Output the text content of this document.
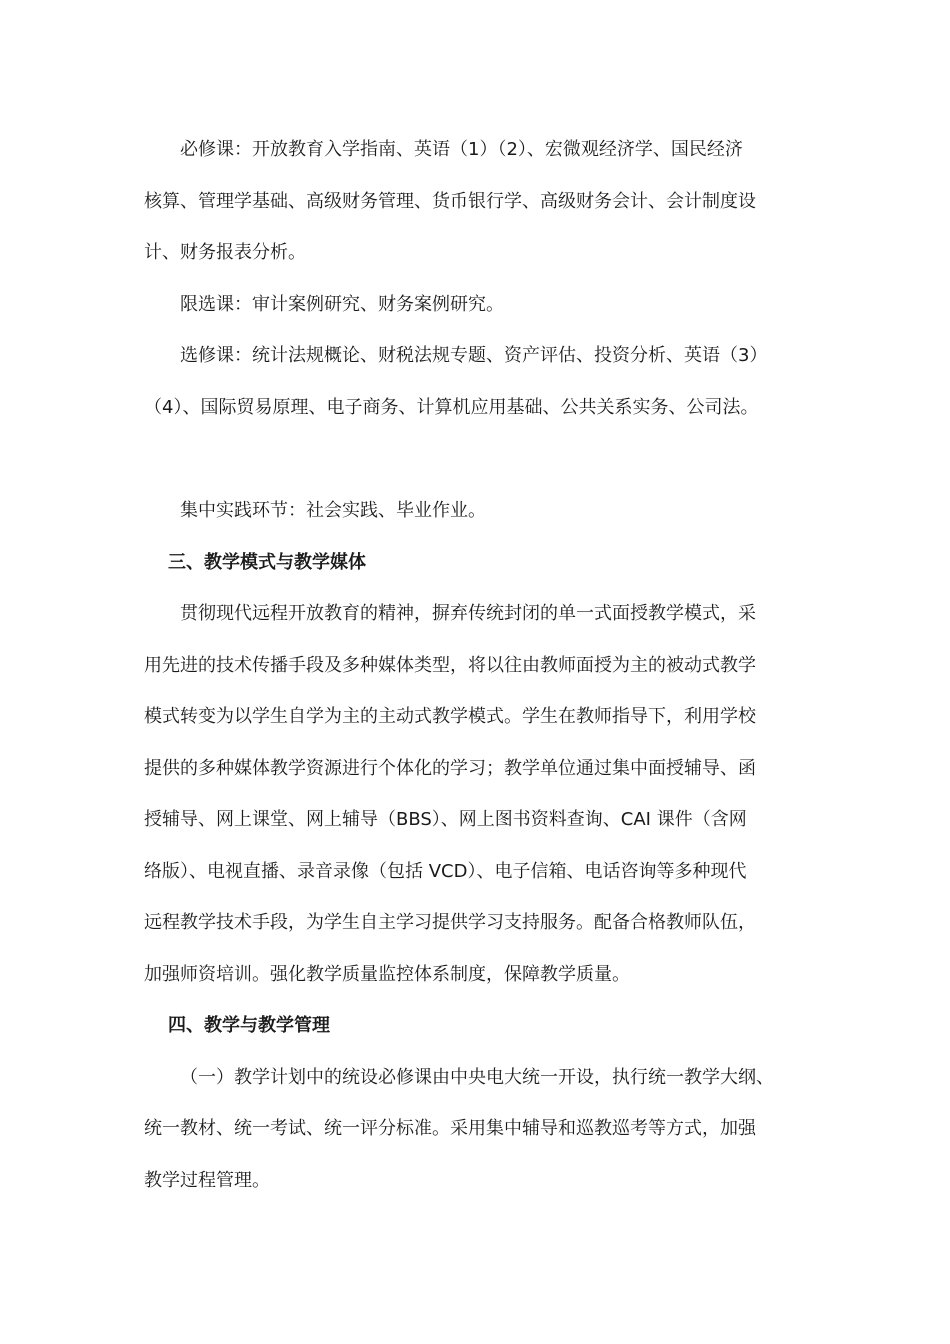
必修课：开放教育入学指南、英语（1）（2）、宏微观经济学、国民经济
核算、管理学基础、高级财务管理、货币银行学、高级财务会计、会计制度设
计、财务报表分析。

限选课：审计案例研究、财务案例研究。

选修课：统计法规概论、财税法规专题、资产评估、投资分析、英语（3）
（4）、国际贸易原理、电子商务、计算机应用基础、公共关系实务、公司法。

集中实践环节：社会实践、毕业作业。

三、教学模式与教学媒体

贯彻现代远程开放教育的精神，摒弃传统封闭的单一式面授教学模式，采
用先进的技术传播手段及多种媒体类型，将以往由教师面授为主的被动式教学
模式转变为以学生自学为主的主动式教学模式。学生在教师指导下，利用学校
提供的多种媒体教学资源进行个体化的学习；教学单位通过集中面授辅导、函
授辅导、网上课堂、网上辅导（BBS）、网上图书资料查询、CAI 课件（含网
络版）、电视直播、录音录像（包括 VCD）、电子信箱、电话咨询等多种现代
远程教学技术手段，为学生自主学习提供学习支持服务。配备合格教师队伍，
加强师资培训。强化教学质量监控体系制度，保障教学质量。

四、教学与教学管理

（一）教学计划中的统设必修课由中央电大统一开设，执行统一教学大纲、
统一教材、统一考试、统一评分标准。采用集中辅导和巡教巡考等方式，加强
教学过程管理。
